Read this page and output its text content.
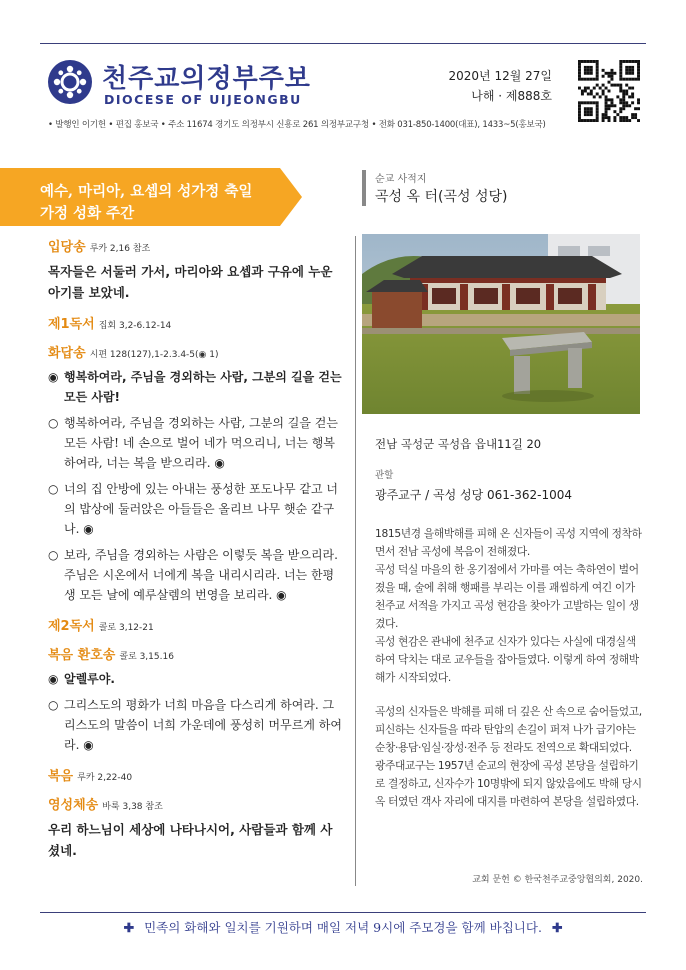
천주교의정부주보
DIOCESE OF UIJEONGBU
2020년 12월 27일
나해 · 제888호
• 발행인 이기헌 • 편집 홍보국 • 주소 11674 경기도 의정부시 신흥로 261 의정부교구청 • 전화 031-850-1400(대표), 1433~5(홍보국)
예수, 마리아, 요셉의 성가정 축일
가정 성화 주간
입당송 루카 2,16 참조
목자들은 서둘러 가서, 마리아와 요셉과 구유에 누운 아기를 보았네.
제1독서 집회 3,2-6.12-14
화답송 시편 128(127),1-2.3.4-5(◉ 1)
◉ 행복하여라, 주님을 경외하는 사람, 그분의 길을 걷는 모든 사람!
○ 행복하여라, 주님을 경외하는 사람, 그분의 길을 걷는 모든 사람! 네 손으로 벌어 네가 먹으리니, 너는 행복하여라, 너는 복을 받으리라. ◉
○ 너의 집 안방에 있는 아내는 풍성한 포도나무 같고 너의 밥상에 둘러앉은 아들들은 올리브 나무 햇순 같구나. ◉
○ 보라, 주님을 경외하는 사람은 이렇듯 복을 받으리라. 주님은 시온에서 너에게 복을 내리시리라. 너는 한평생 모든 날에 예루살렘의 번영을 보리라. ◉
제2독서 콜로 3,12-21
복음 환호송 콜로 3,15.16
◉ 알렐루야.
○ 그리스도의 평화가 너희 마음을 다스리게 하여라. 그리스도의 말씀이 너희 가운데에 풍성히 머무르게 하여라. ◉
복음 루카 2,22-40
영성체송 바룩 3,38 참조
우리 하느님이 세상에 나타나시어, 사람들과 함께 사셨네.
순교 사적지
곡성 옥 터(곡성 성당)
전남 곡성군 곡성읍 읍내11길 20
관할
광주교구 / 곡성 성당 061-362-1004

1815년경 을해박해를 피해 온 신자들이 곡성 지역에 정착하면서 전남 곡성에 복음이 전해졌다.

곡성 덕실 마을의 한 옹기점에서 가마를 여는 축하연이 벌어졌을 때, 술에 취해 행패를 부리는 이를 괘씸하게 여긴 이가 천주교 서적을 가지고 곡성 현감을 찾아가 고발하는 일이 생겼다.

곡성 현감은 관내에 천주교 신자가 있다는 사실에 대경실색하여 닥치는 대로 교우들을 잡아들였다. 이렇게 하여 정해박해가 시작되었다.

곡성의 신자들은 박해를 피해 더 깊은 산 속으로 숨어들었고, 피신하는 신자들을 따라 탄압의 손길이 퍼져 나가 급기야는 순창·용담·임실·장성·전주 등 전라도 전역으로 확대되었다.

광주대교구는 1957년 순교의 현장에 곡성 본당을 설립하기로 결정하고, 신자수가 10명밖에 되지 않았음에도 박해 당시 옥 터였던 객사 자리에 대지를 마련하여 본당을 설립하였다.

교회 문헌 © 한국천주교중앙협의회, 2020.
✚ 민족의 화해와 일치를 기원하며 매일 저녁 9시에 주모경을 함께 바칩니다. ✚
